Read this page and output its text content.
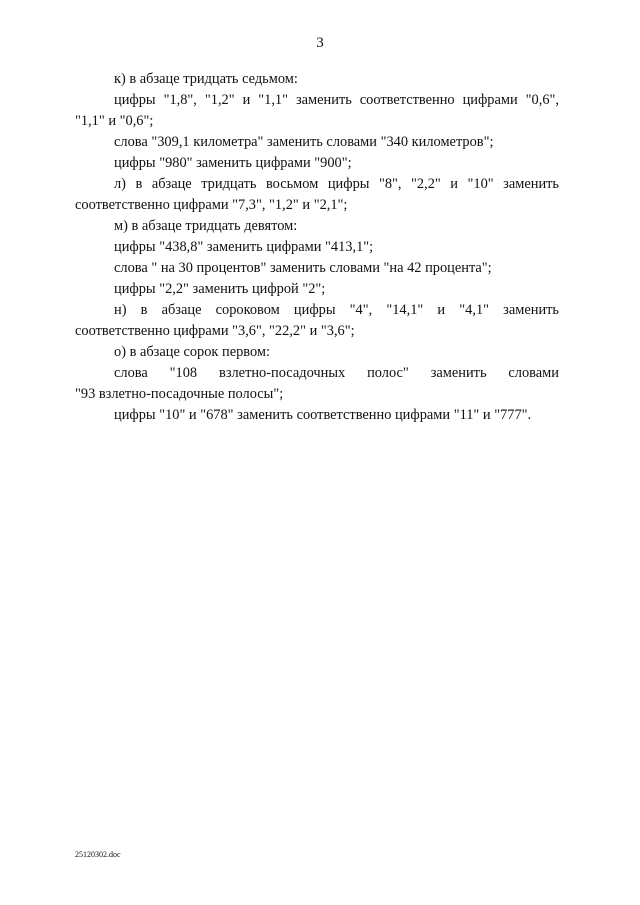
3
к) в абзаце тридцать седьмом:
цифры "1,8", "1,2" и "1,1" заменить соответственно цифрами "0,6",
"1,1" и "0,6";
слова "309,1 километра" заменить словами "340 километров";
цифры "980" заменить цифрами "900";
л) в абзаце тридцать восьмом цифры "8", "2,2" и "10" заменить
соответственно цифрами "7,3", "1,2" и "2,1";
м) в абзаце тридцать девятом:
цифры "438,8" заменить цифрами "413,1";
слова " на 30 процентов" заменить словами "на 42 процента";
цифры "2,2" заменить цифрой "2";
н) в абзаце сороковом цифры "4", "14,1" и "4,1" заменить
соответственно цифрами "3,6", "22,2" и "3,6";
о) в абзаце сорок первом:
слова "108 взлетно-посадочных полос" заменить словами
"93 взлетно-посадочные полосы";
цифры "10" и "678" заменить соответственно цифрами "11" и "777".
25120302.doc
